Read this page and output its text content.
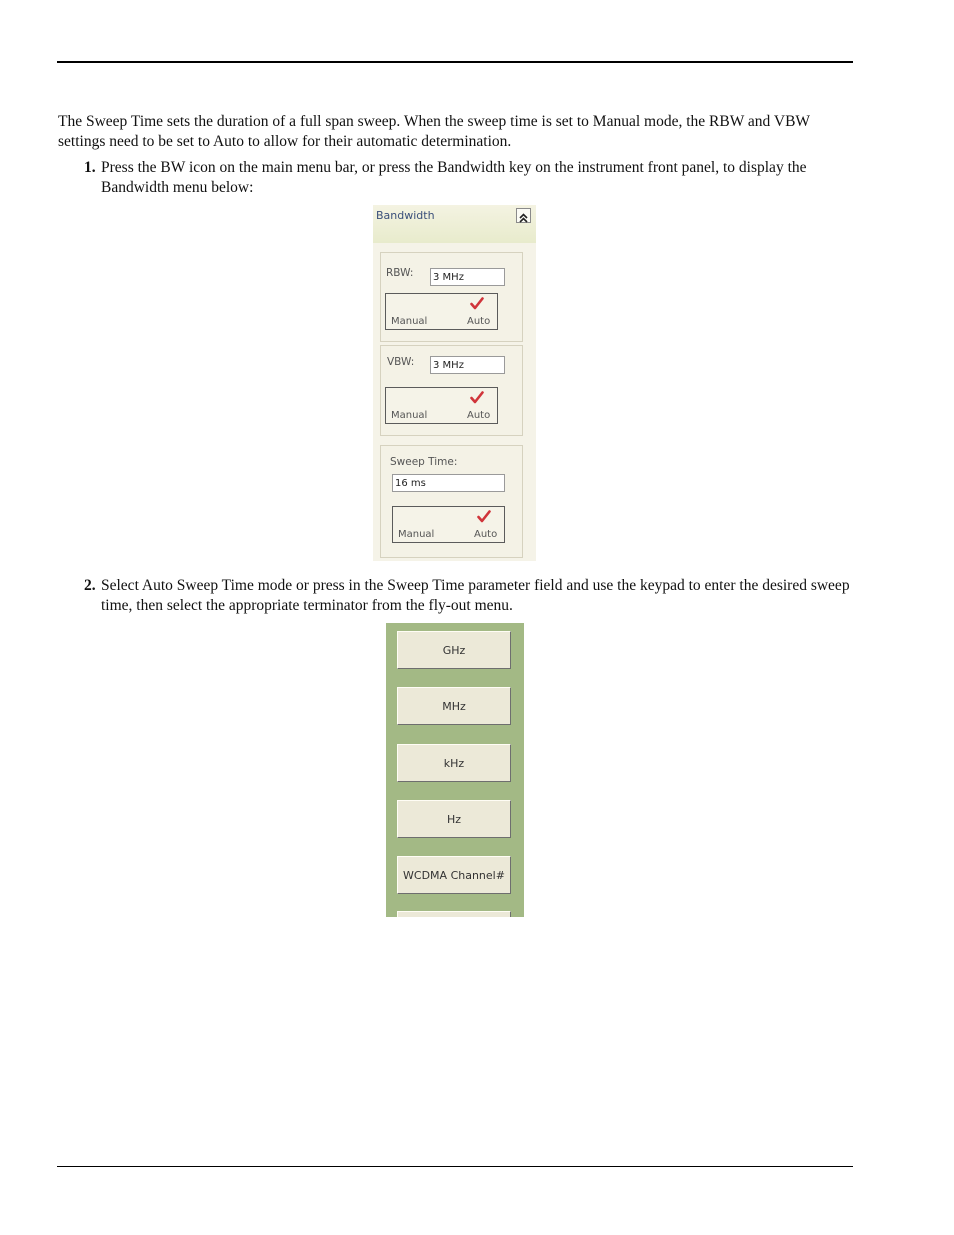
The Sweep Time sets the duration of a full span sweep. When the sweep time is set to Manual mode, the RBW and VBW settings need to be set to Auto to allow for their automatic determination.

1. Press the BW icon on the main menu bar, or press the Bandwidth key on the instrument front panel, to display the Bandwidth menu below:
Bandwidth
RBW:	3 MHz
Manual	Auto
VBW:	3 MHz
Manual	Auto
Sweep Time:
16 ms
Manual	Auto
2. Select Auto Sweep Time mode or press in the Sweep Time parameter field and use the keypad to enter the desired sweep time, then select the appropriate terminator from the fly-out menu.
GHz
MHz
kHz
Hz
WCDMA Channel#
